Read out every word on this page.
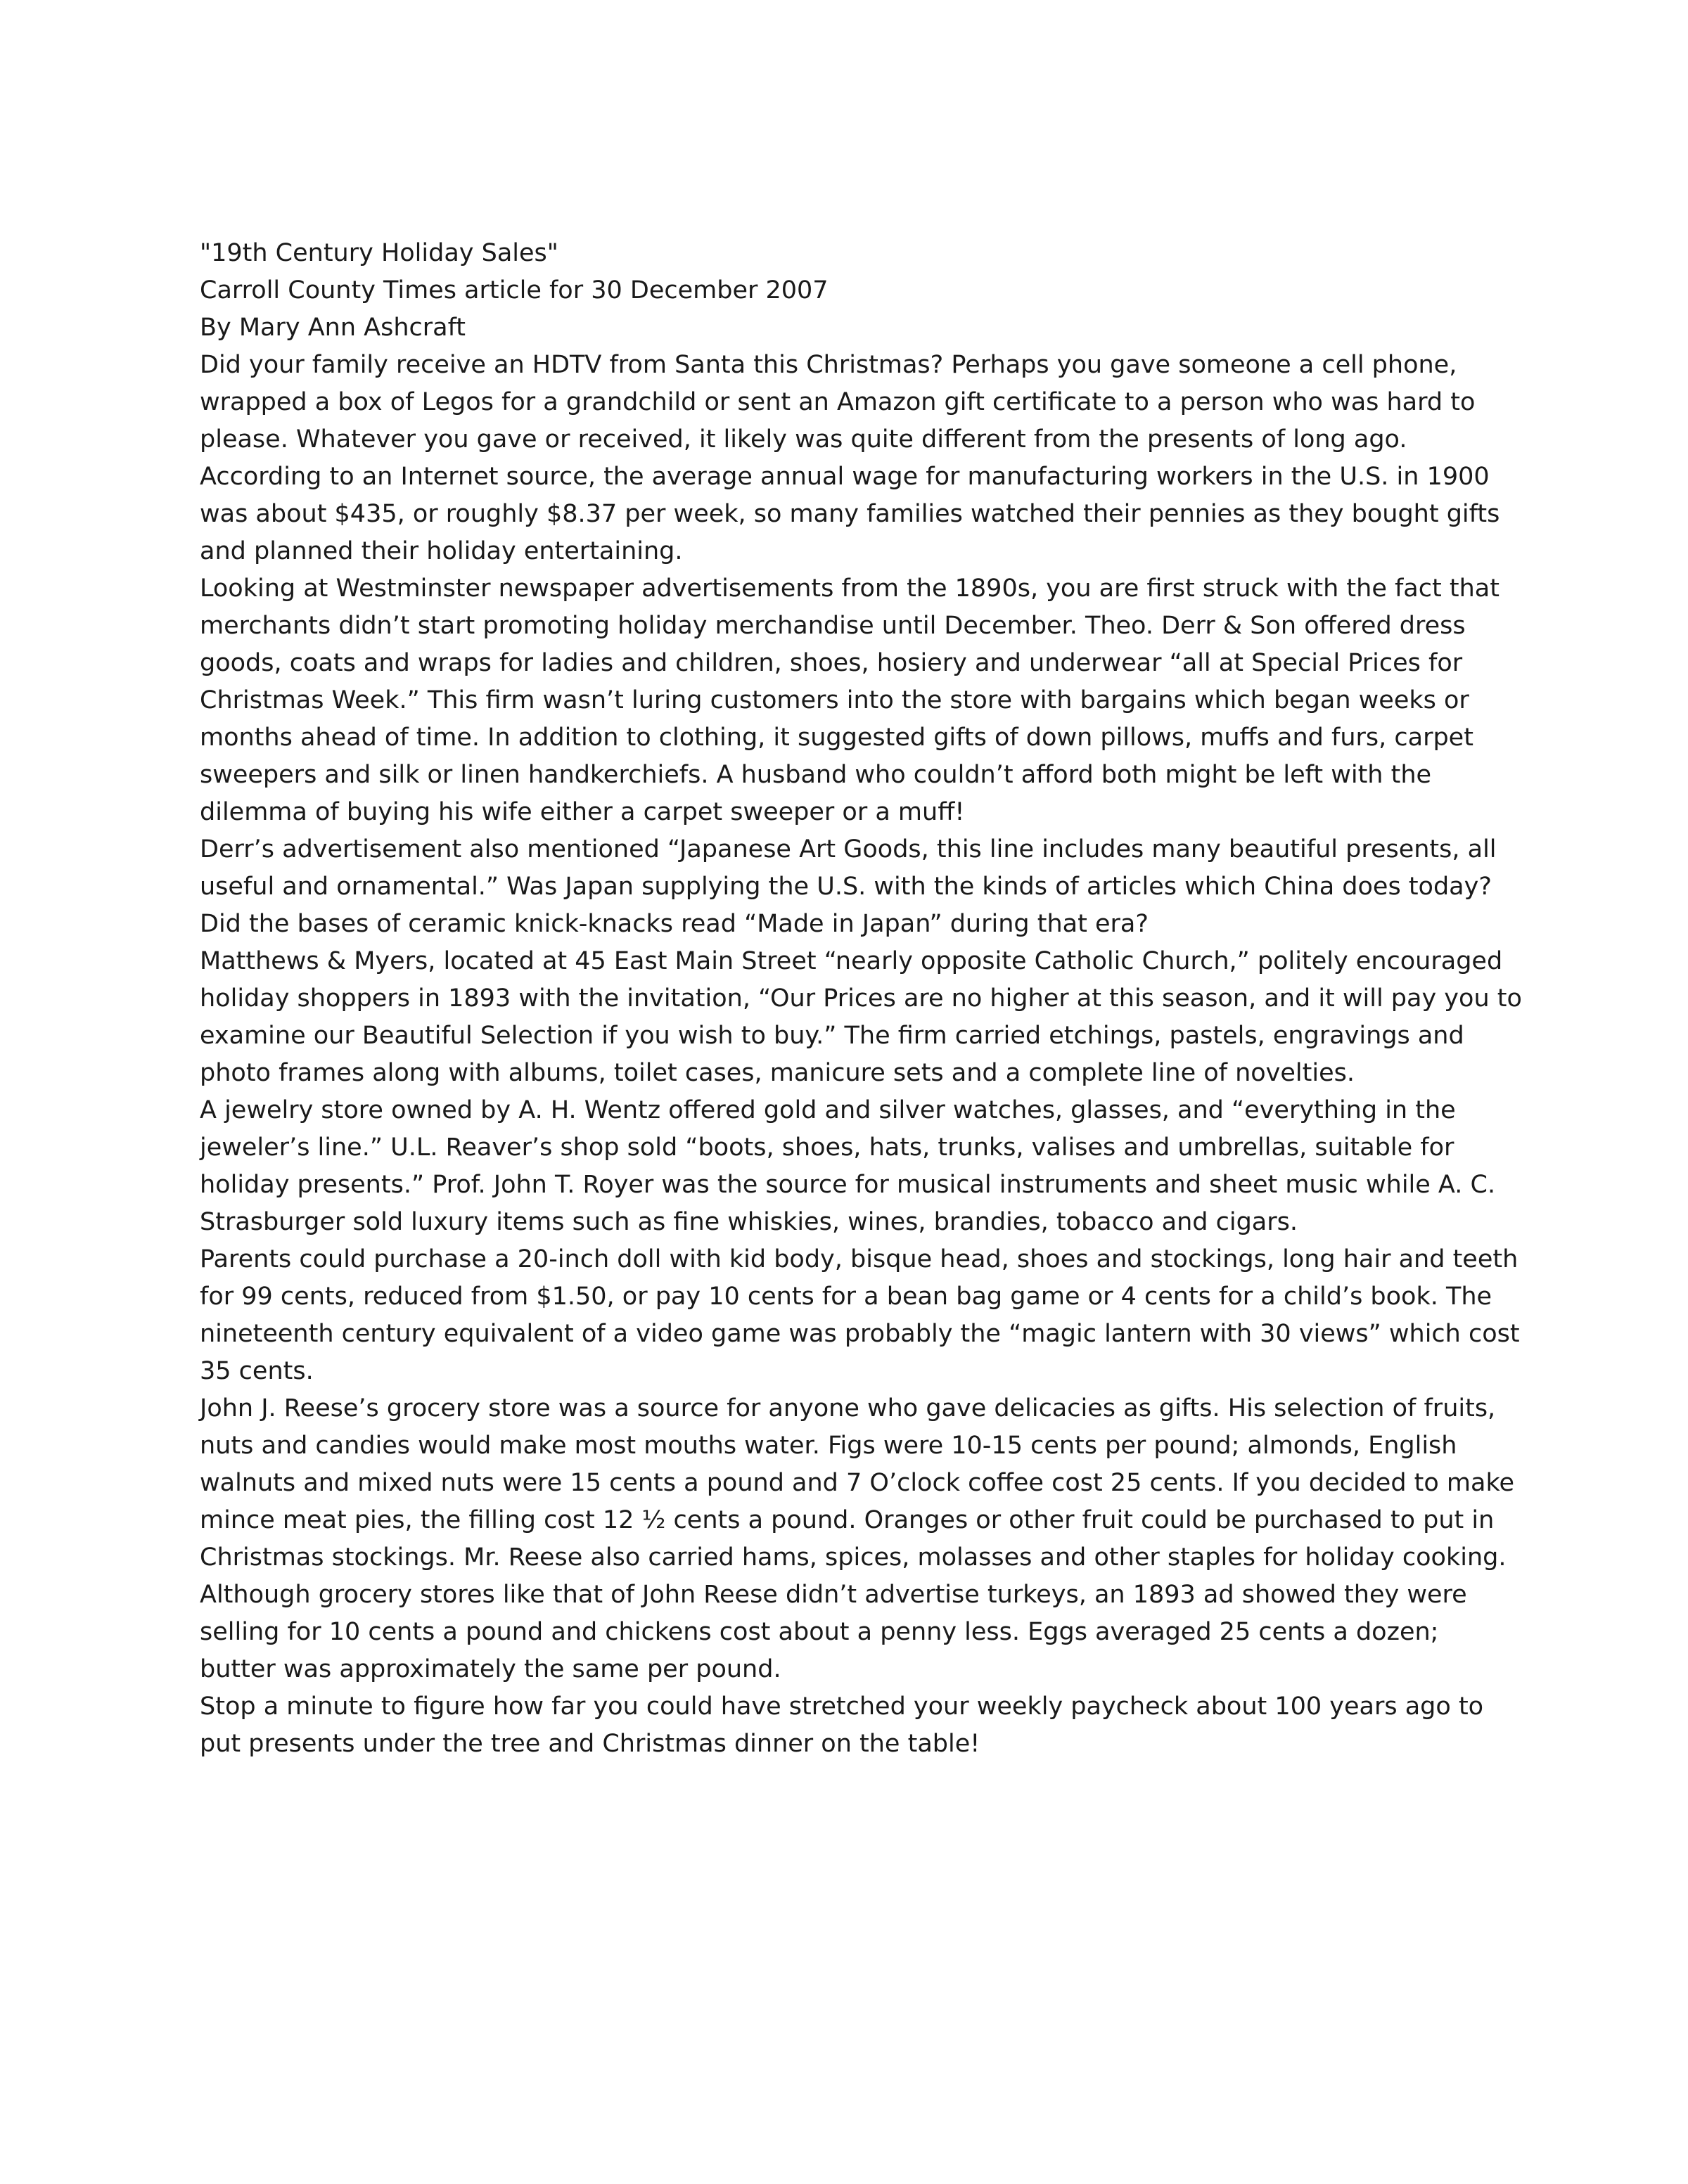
"19th Century Holiday Sales"

Carroll County Times article for 30 December 2007

By Mary Ann Ashcraft

Did your family receive an HDTV from Santa this Christmas? Perhaps you gave someone a cell phone, wrapped a box of Legos for a grandchild or sent an Amazon gift certificate to a person who was hard to please. Whatever you gave or received, it likely was quite different from the presents of long ago. According to an Internet source, the average annual wage for manufacturing workers in the U.S. in 1900 was about $435, or roughly $8.37 per week, so many families watched their pennies as they bought gifts and planned their holiday entertaining.

Looking at Westminster newspaper advertisements from the 1890s, you are first struck with the fact that merchants didn’t start promoting holiday merchandise until December. Theo. Derr & Son offered dress goods, coats and wraps for ladies and children, shoes, hosiery and underwear “all at Special Prices for Christmas Week.” This firm wasn’t luring customers into the store with bargains which began weeks or months ahead of time. In addition to clothing, it suggested gifts of down pillows, muffs and furs, carpet sweepers and silk or linen handkerchiefs. A husband who couldn’t afford both might be left with the dilemma of buying his wife either a carpet sweeper or a muff!

Derr’s advertisement also mentioned “Japanese Art Goods, this line includes many beautiful presents, all useful and ornamental.” Was Japan supplying the U.S. with the kinds of articles which China does today? Did the bases of ceramic knick-knacks read “Made in Japan” during that era?

Matthews & Myers, located at 45 East Main Street “nearly opposite Catholic Church,” politely encouraged holiday shoppers in 1893 with the invitation, “Our Prices are no higher at this season, and it will pay you to examine our Beautiful Selection if you wish to buy.” The firm carried etchings, pastels, engravings and photo frames along with albums, toilet cases, manicure sets and a complete line of novelties.

A jewelry store owned by A. H. Wentz offered gold and silver watches, glasses, and “everything in the jeweler’s line.” U.L. Reaver’s shop sold “boots, shoes, hats, trunks, valises and umbrellas, suitable for holiday presents.” Prof. John T. Royer was the source for musical instruments and sheet music while A. C. Strasburger sold luxury items such as fine whiskies, wines, brandies, tobacco and cigars.

Parents could purchase a 20-inch doll with kid body, bisque head, shoes and stockings, long hair and teeth for 99 cents, reduced from $1.50, or pay 10 cents for a bean bag game or 4 cents for a child’s book. The nineteenth century equivalent of a video game was probably the “magic lantern with 30 views” which cost 35 cents.

John J. Reese’s grocery store was a source for anyone who gave delicacies as gifts. His selection of fruits, nuts and candies would make most mouths water. Figs were 10-15 cents per pound; almonds, English walnuts and mixed nuts were 15 cents a pound and 7 O’clock coffee cost 25 cents. If you decided to make mince meat pies, the filling cost 12 ½ cents a pound. Oranges or other fruit could be purchased to put in Christmas stockings. Mr. Reese also carried hams, spices, molasses and other staples for holiday cooking.

Although grocery stores like that of John Reese didn’t advertise turkeys, an 1893 ad showed they were selling for 10 cents a pound and chickens cost about a penny less. Eggs averaged 25 cents a dozen; butter was approximately the same per pound.

Stop a minute to figure how far you could have stretched your weekly paycheck about 100 years ago to put presents under the tree and Christmas dinner on the table!
